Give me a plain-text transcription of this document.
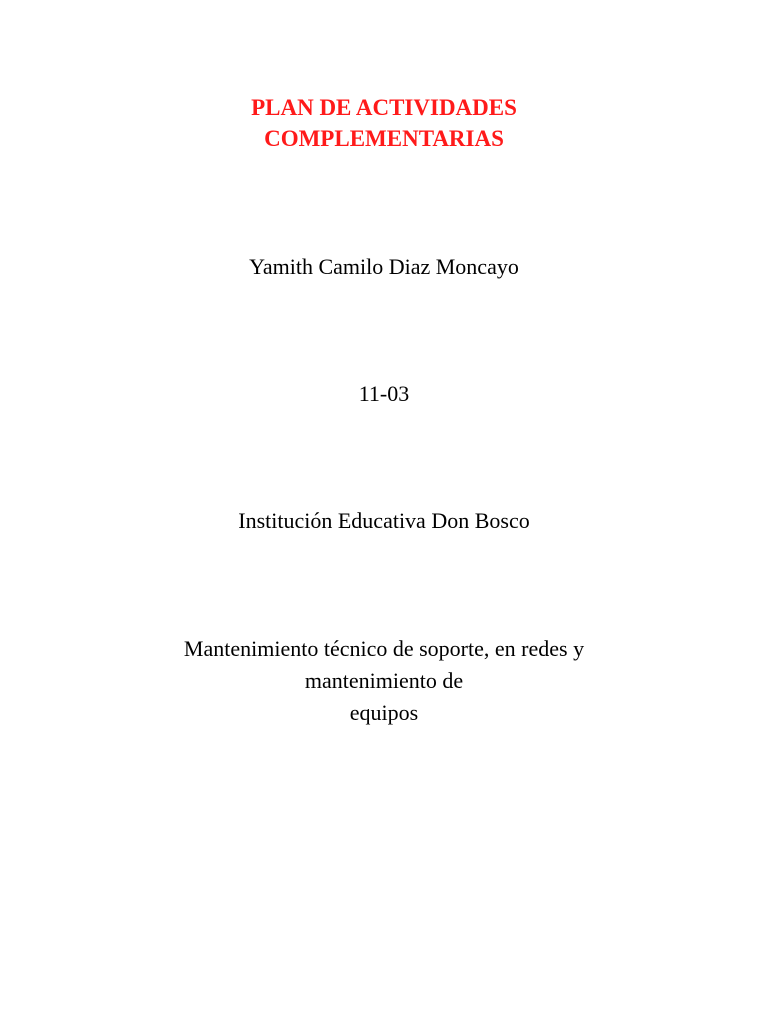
PLAN DE ACTIVIDADES
COMPLEMENTARIAS

Yamith Camilo Diaz Moncayo

11-03

Institución Educativa Don Bosco

Mantenimiento técnico de soporte, en redes y
mantenimiento de
equipos
